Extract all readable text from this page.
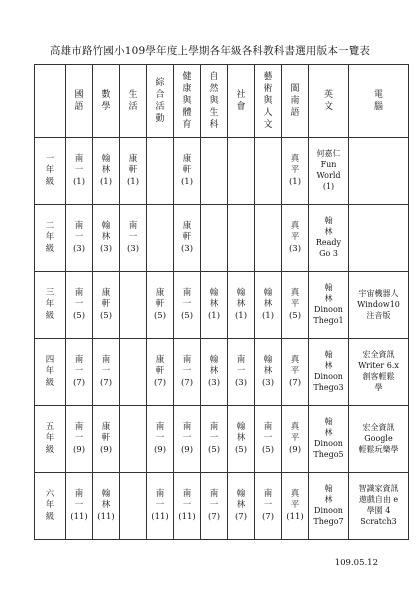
高雄市路竹國小109學年度上學期各年級各科教科書選用版本一覽表
	國語	數學	生活	綜合活動	健康與體育	自然與生科	社會	藝術與人文	閩南語	英文	電腦
一年級	南
一
(1)	翰
林
(1)	康
軒
(1)		康
軒
(1)				真
平
(1)	何嘉仁
Fun
World
(1)	
二年級	南
一
(3)	翰
林
(3)	南
一
(3)		康
軒
(3)				真
平
(3)	翰
林
Ready
Go 3	
三年級	南
一
(5)	康
軒
(5)		康
軒
(5)	南
一
(5)	翰
林
(1)	翰
林
(1)	翰
林
(1)	真
平
(5)	翰
林
Dinoon
Thego1	宇宙機器人
Window10
注音版
四年級	南
一
(7)	南
一
(7)		康
軒
(7)	南
一
(7)	翰
林
(3)	南
一
(3)	翰
林
(3)	真
平
(7)	翰
林
Dinoon
Thego3	宏全資訊
Writer 6.x
創客輕鬆
學
五年級	南
一
(9)	康
軒
(9)		南
一
(9)	南
一
(9)	南
一
(5)	翰
林
(5)	南
一
(5)	真
平
(9)	翰
林
Dinoon
Thego5	宏全資訊
Google
輕鬆玩樂學
六年級	南
一
(11)	翰
林
(11)		南
一
(11)	南
一
(11)	南
一
(7)	翰
林
(7)	南
一
(7)	真
平
(11)	翰
林
Dinoon
Thego7	智識家資訊
遨戲自由 e
學園 4
Scratch3
109.05.12
